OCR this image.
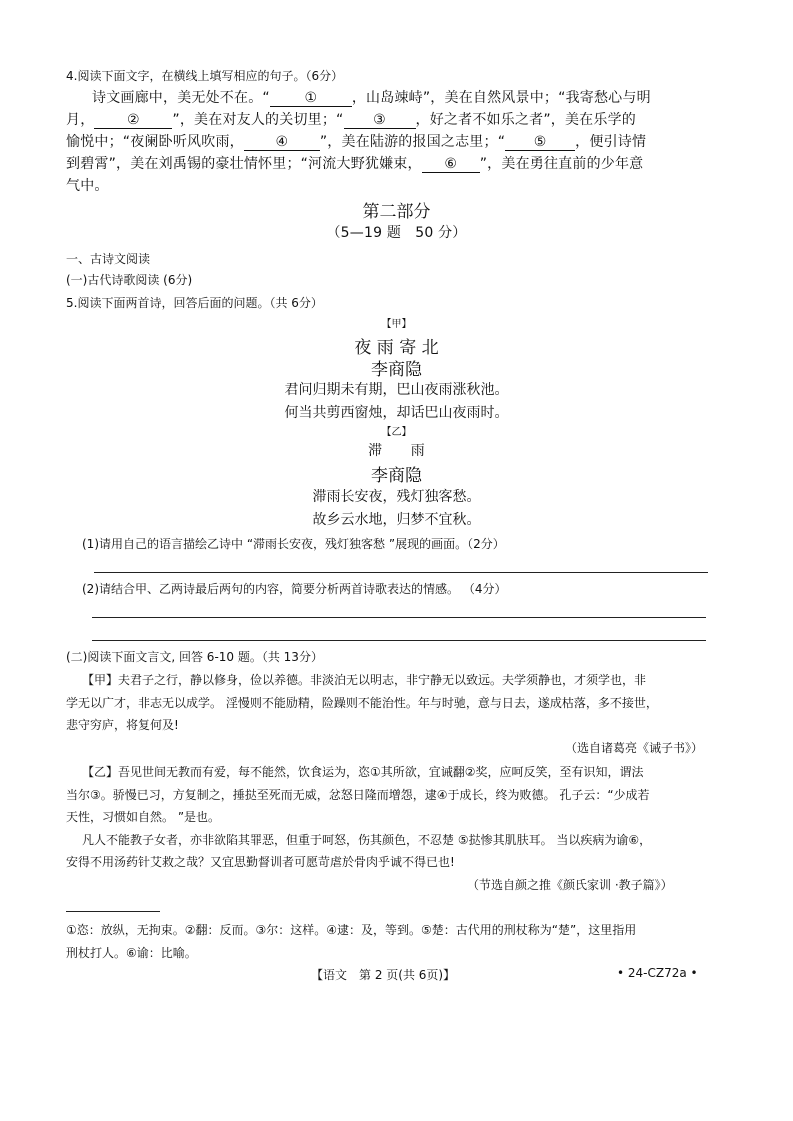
4.阅读下面文字，在横线上填写相应的句子。（6分）
诗文画廊中，美无处不在。“ ① ，山岛竦峙”，美在自然风景中；“我寄愁心与明
月， ② ”，美在对友人的关切里；“ ③ ，好之者不如乐之者”，美在乐学的
愉悦中；“夜阑卧听风吹雨， ④ ”，美在陆游的报国之志里；“ ⑤ ，便引诗情
到碧霄”，美在刘禹锡的豪壮情怀里；“河流大野犹嫌束， ⑥ ”，美在勇往直前的少年意
气中。
第二部分
（5—19 题　50 分）
一、古诗文阅读
(一)古代诗歌阅读 (6分)
5.阅读下面两首诗，回答后面的问题。（共 6分）
【甲】
夜 雨 寄 北
李商隐
君问归期未有期，巴山夜雨涨秋池。
何当共剪西窗烛，却话巴山夜雨时。
【乙】
滞　　雨
李商隐
滞雨长安夜，残灯独客愁。
故乡云水地，归梦不宜秋。
(1)请用自己的语言描绘乙诗中 “滞雨长安夜，残灯独客愁 ”展现的画面。（2分）
(2)请结合甲、乙两诗最后两句的内容，简要分析两首诗歌表达的情感。 （4分）
(二)阅读下面文言文, 回答 6-10 题。（共 13分）
【甲】夫君子之行，静以修身，俭以养德。非淡泊无以明志，非宁静无以致远。夫学须静也，才须学也，非
学无以广才，非志无以成学。 淫慢则不能励精，险躁则不能治性。年与时驰，意与日去，遂成枯落，多不接世，
悲守穷庐，将复何及!
（选自诸葛亮《诫子书》）
【乙】吾见世间无教而有爱，每不能然，饮食运为，恣①其所欲，宜诫翻②奖，应呵反笑，至有识知，谓法
当尔③。骄慢已习，方复制之，捶挞至死而无威，忿怒日隆而增怨，逮④于成长，终为败德。 孔子云：“少成若
天性，习惯如自然。 ”是也。
凡人不能教子女者，亦非欲陷其罪恶，但重于呵怒，伤其颜色，不忍楚 ⑤挞惨其肌肤耳。 当以疾病为谕⑥，
安得不用汤药针艾救之哉？又宜思勤督训者可愿苛虐於骨肉乎诚不得已也!
（节选自颜之推《颜氏家训 ·教子篇》）
①恣：放纵，无拘束。②翻：反而。③尔：这样。④逮：及，等到。⑤楚：古代用的刑杖称为“楚”，这里指用
刑杖打人。⑥谕：比喻。
【语文　第 2 页(共 6页)】	• 24-CZ72a •
